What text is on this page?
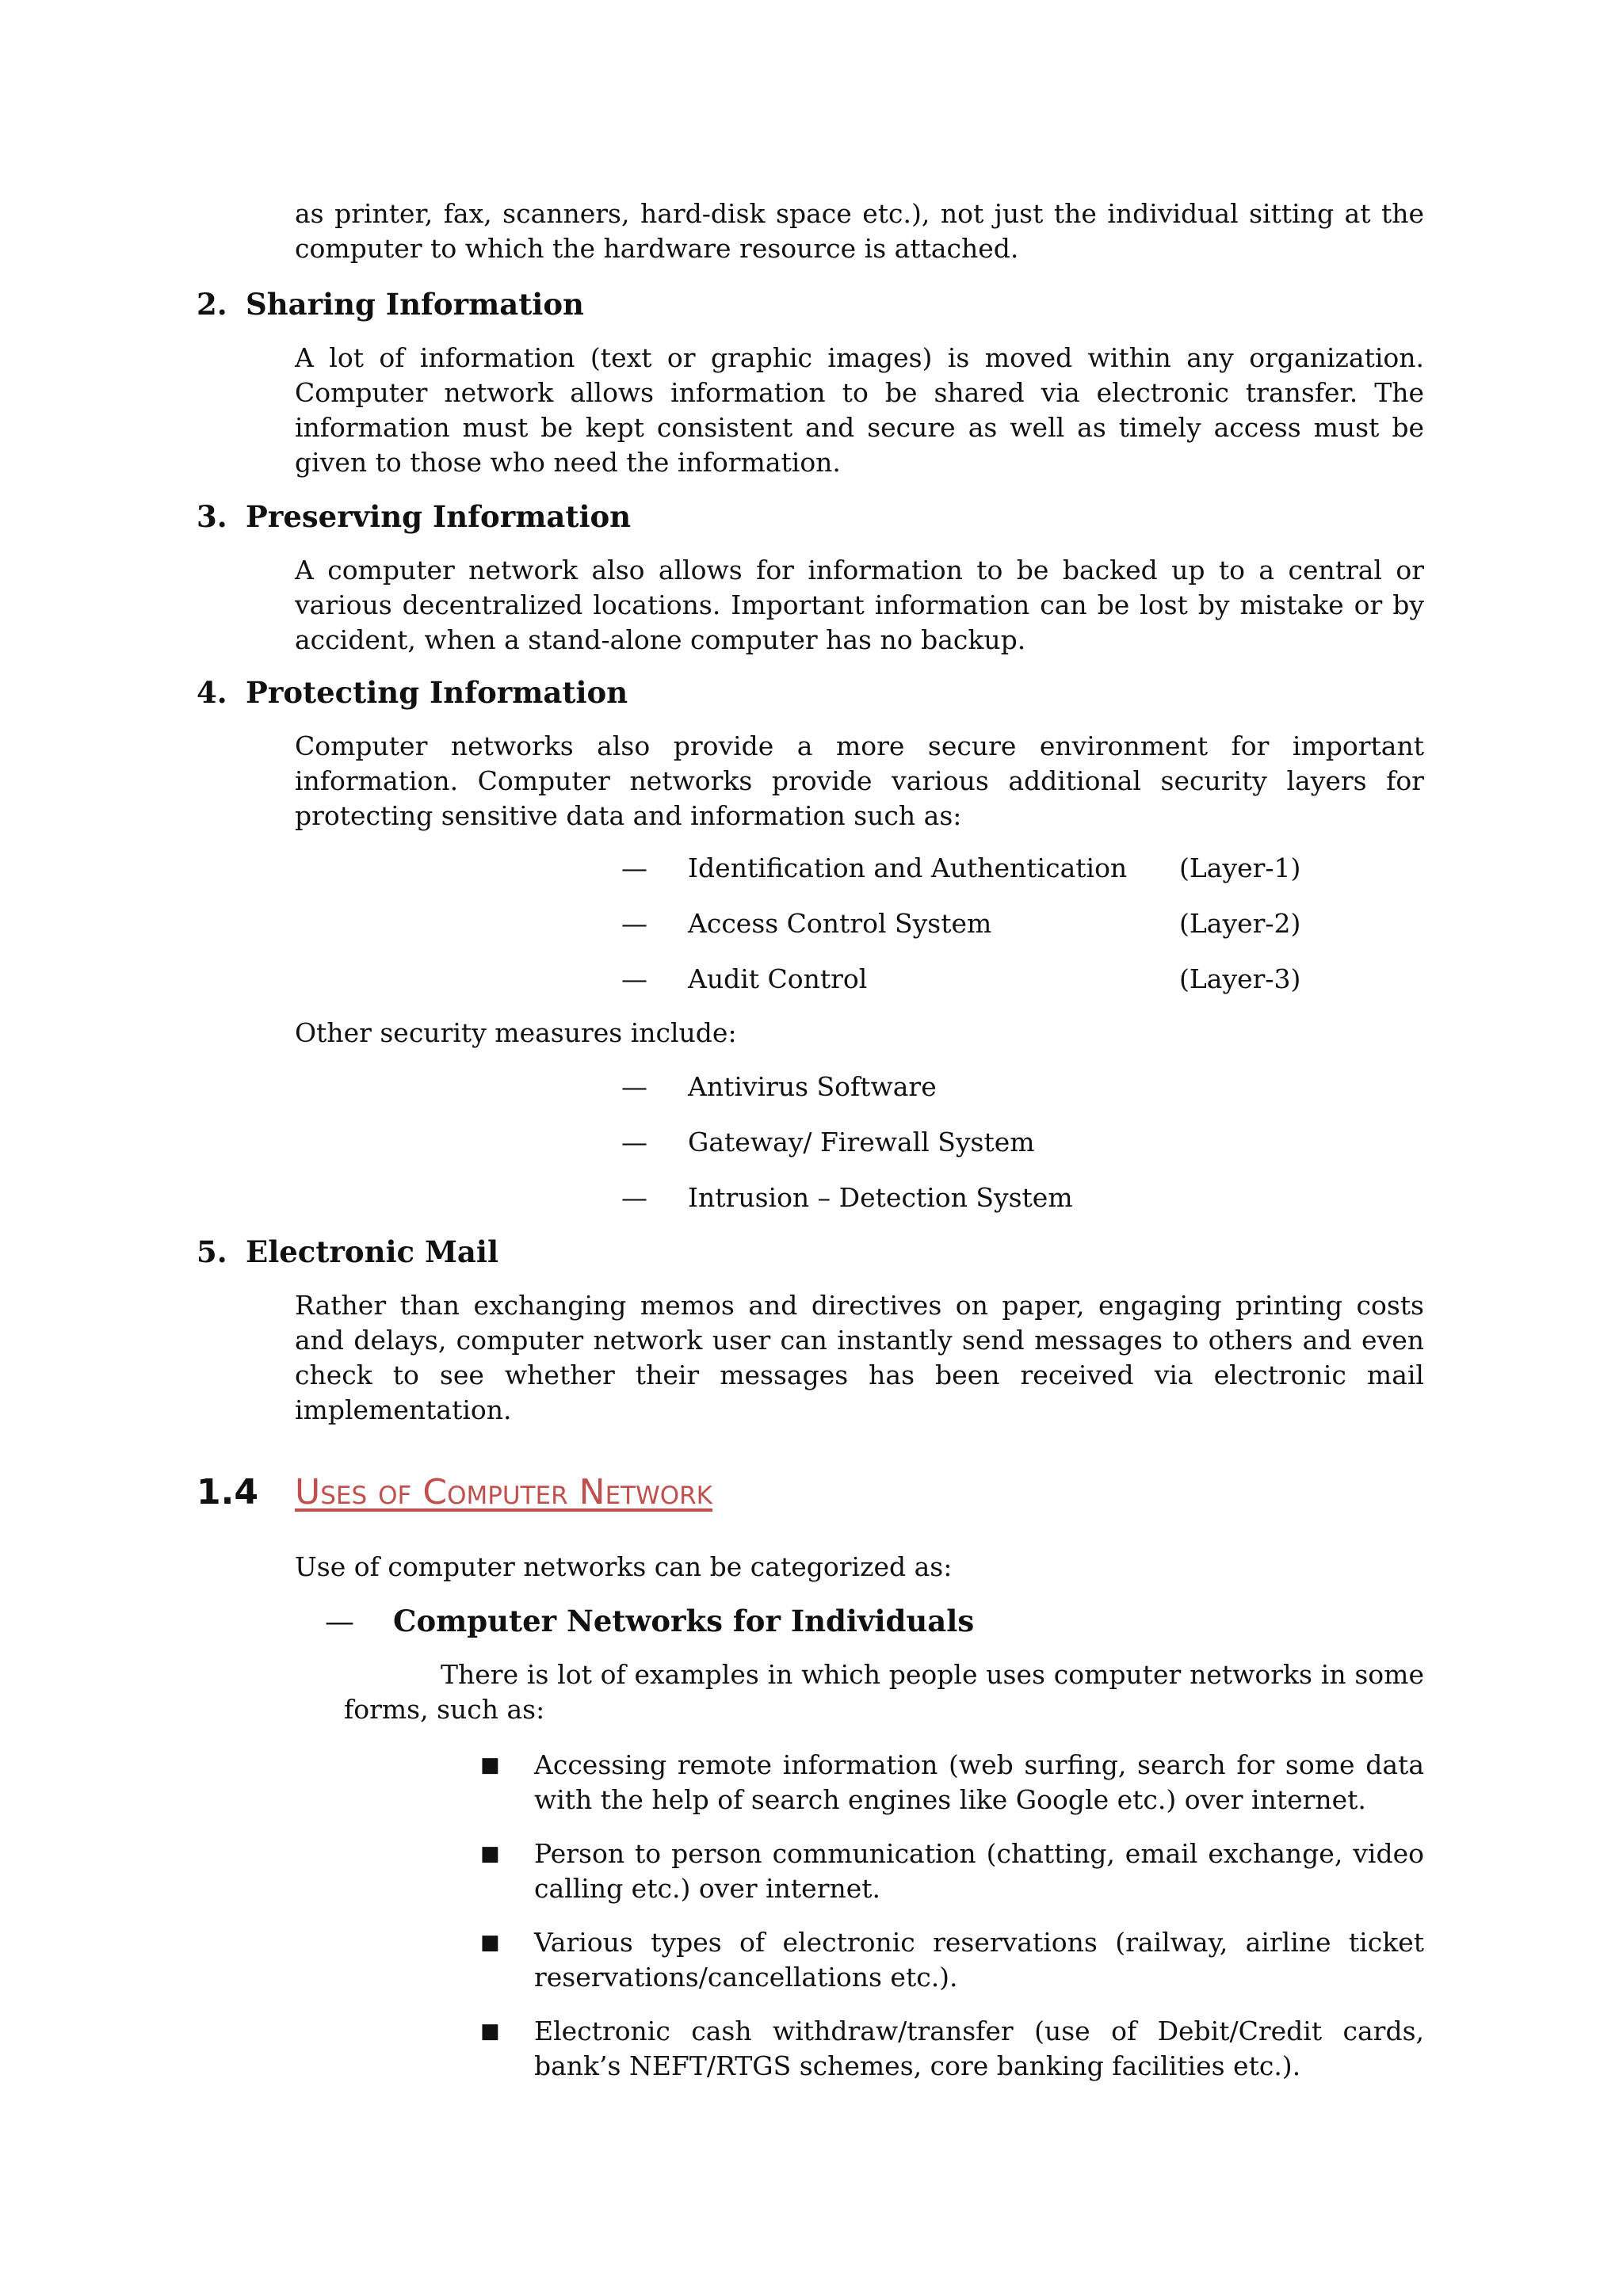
as printer, fax, scanners, hard-disk space etc.), not just the individual sitting at the computer to which the hardware resource is attached.

2. Sharing Information

A lot of information (text or graphic images) is moved within any organization. Computer network allows information to be shared via electronic transfer. The information must be kept consistent and secure as well as timely access must be given to those who need the information.

3. Preserving Information

A computer network also allows for information to be backed up to a central or various decentralized locations. Important information can be lost by mistake or by accident, when a stand-alone computer has no backup.

4. Protecting Information

Computer networks also provide a more secure environment for important information. Computer networks provide various additional security layers for protecting sensitive data and information such as:

— Identification and Authentication (Layer-1)
— Access Control System	(Layer-2)
— Audit Control	(Layer-3)

Other security measures include:

— Antivirus Software
— Gateway/ Firewall System
— Intrusion – Detection System
5. Electronic Mail

Rather than exchanging memos and directives on paper, engaging printing costs and delays, computer network user can instantly send messages to others and even check to see whether their messages has been received via electronic mail implementation.

1.4 Uses of Computer Network

Use of computer networks can be categorized as:

— Computer Networks for Individuals

There is lot of examples in which people uses computer networks in some forms, such as:

■	Accessing remote information (web surfing, search for some data with the help of search engines like Google etc.) over internet.
■	Person to person communication (chatting, email exchange, video calling etc.) over internet.
■	Various types of electronic reservations (railway, airline ticket reservations/cancellations etc.).
■	Electronic cash withdraw/transfer (use of Debit/Credit cards, bank’s NEFT/RTGS schemes, core banking facilities etc.).
